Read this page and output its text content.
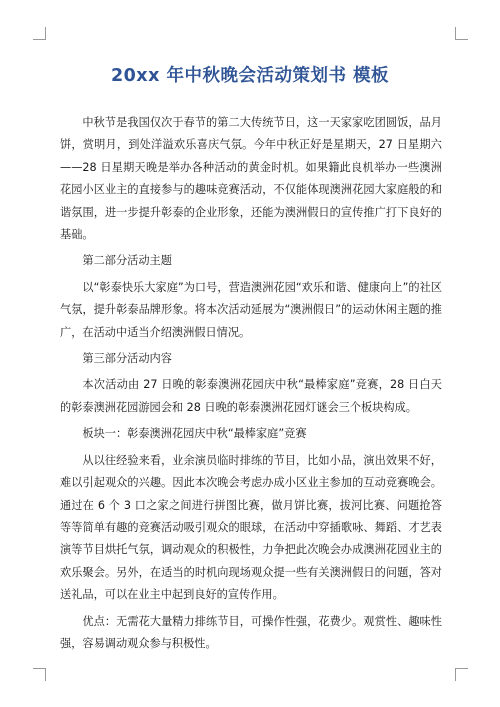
20xx 年中秋晚会活动策划书 模板

中秋节是我国仅次于春节的第二大传统节日，这一天家家吃团圆饭，品月饼，赏明月，到处洋溢欢乐喜庆气氛。今年中秋正好是星期天，27 日星期六——28 日星期天晚是举办各种活动的黄金时机。如果籍此良机举办一些澳洲花园小区业主的直接参与的趣味竞赛活动，不仅能体现澳洲花园大家庭般的和谐氛围，进一步提升彰泰的企业形象，还能为澳洲假日的宣传推广打下良好的基础。

第二部分活动主题

以“彰泰快乐大家庭”为口号，营造澳洲花园“欢乐和谐、健康向上”的社区气氛，提升彰泰品牌形象。将本次活动延展为“澳洲假日”的运动休闲主题的推广，在活动中适当介绍澳洲假日情况。

第三部分活动内容

本次活动由 27 日晚的彰泰澳洲花园庆中秋“最棒家庭”竞赛，28 日白天的彰泰澳洲花园游园会和 28 日晚的彰泰澳洲花园灯谜会三个板块构成。

板块一：彰泰澳洲花园庆中秋“最棒家庭”竞赛

从以往经验来看，业余演员临时排练的节目，比如小品，演出效果不好，难以引起观众的兴趣。因此本次晚会考虑办成小区业主参加的互动竞赛晚会。通过在 6 个 3 口之家之间进行拼图比赛，做月饼比赛，拔河比赛、问题抢答等等简单有趣的竞赛活动吸引观众的眼球，在活动中穿插歌咏、舞蹈、才艺表演等节目烘托气氛，调动观众的积极性，力争把此次晚会办成澳洲花园业主的欢乐聚会。另外，在适当的时机向现场观众提一些有关澳洲假日的问题，答对送礼品，可以在业主中起到良好的宣传作用。

优点：无需花大量精力排练节目，可操作性强，花费少。观赏性、趣味性强，容易调动观众参与积极性。
